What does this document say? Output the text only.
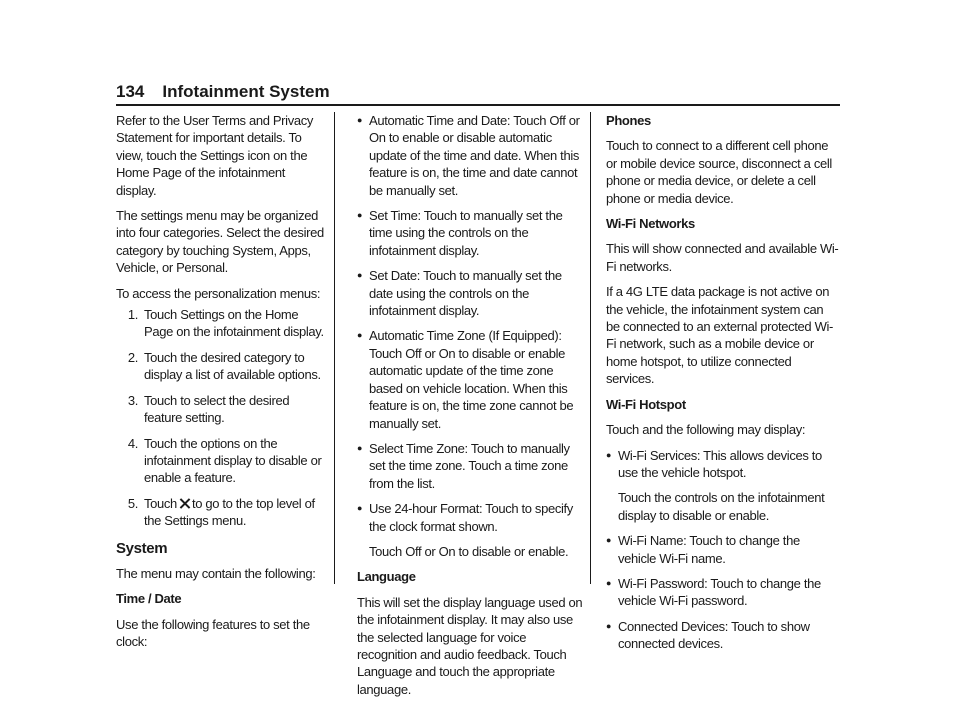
134 Infotainment System

Refer to the User Terms and Privacy Statement for important details. To view, touch the Settings icon on the Home Page of the infotainment display.

The settings menu may be organized into four categories. Select the desired category by touching System, Apps, Vehicle, or Personal.

To access the personalization menus:

1. Touch Settings on the Home Page on the infotainment display.
2. Touch the desired category to display a list of available options.
3. Touch to select the desired feature setting.
4. Touch the options on the infotainment display to disable or enable a feature.
5. Touch to go to the top level of the Settings menu.
System

The menu may contain the following:

Time / Date

Use the following features to set the clock:

● Automatic Time and Date: Touch Off or On to enable or disable automatic update of the time and date. When this feature is on, the time and date cannot be manually set.
● Set Time: Touch to manually set the time using the controls on the infotainment display.
● Set Date: Touch to manually set the date using the controls on the infotainment display.
● Automatic Time Zone (If Equipped): Touch Off or On to disable or enable automatic update of the time zone based on vehicle location. When this feature is on, the time zone cannot be manually set.
● Select Time Zone: Touch to manually set the time zone. Touch a time zone from the list.
● Use 24-hour Format: Touch to specify the clock format shown.

Touch Off or On to disable or enable.

Language

This will set the display language used on the infotainment display. It may also use the selected language for voice recognition and audio feedback. Touch Language and touch the appropriate language.

Phones

Touch to connect to a different cell phone or mobile device source, disconnect a cell phone or media device, or delete a cell phone or media device.

Wi-Fi Networks

This will show connected and available Wi-Fi networks.

If a 4G LTE data package is not active on the vehicle, the infotainment system can be connected to an external protected Wi-Fi network, such as a mobile device or home hotspot, to utilize connected services.

Wi-Fi Hotspot

Touch and the following may display:

● Wi-Fi Services: This allows devices to use the vehicle hotspot.

Touch the controls on the infotainment display to disable or enable.

● Wi-Fi Name: Touch to change the vehicle Wi-Fi name.
● Wi-Fi Password: Touch to change the vehicle Wi-Fi password.
● Connected Devices: Touch to show connected devices.
